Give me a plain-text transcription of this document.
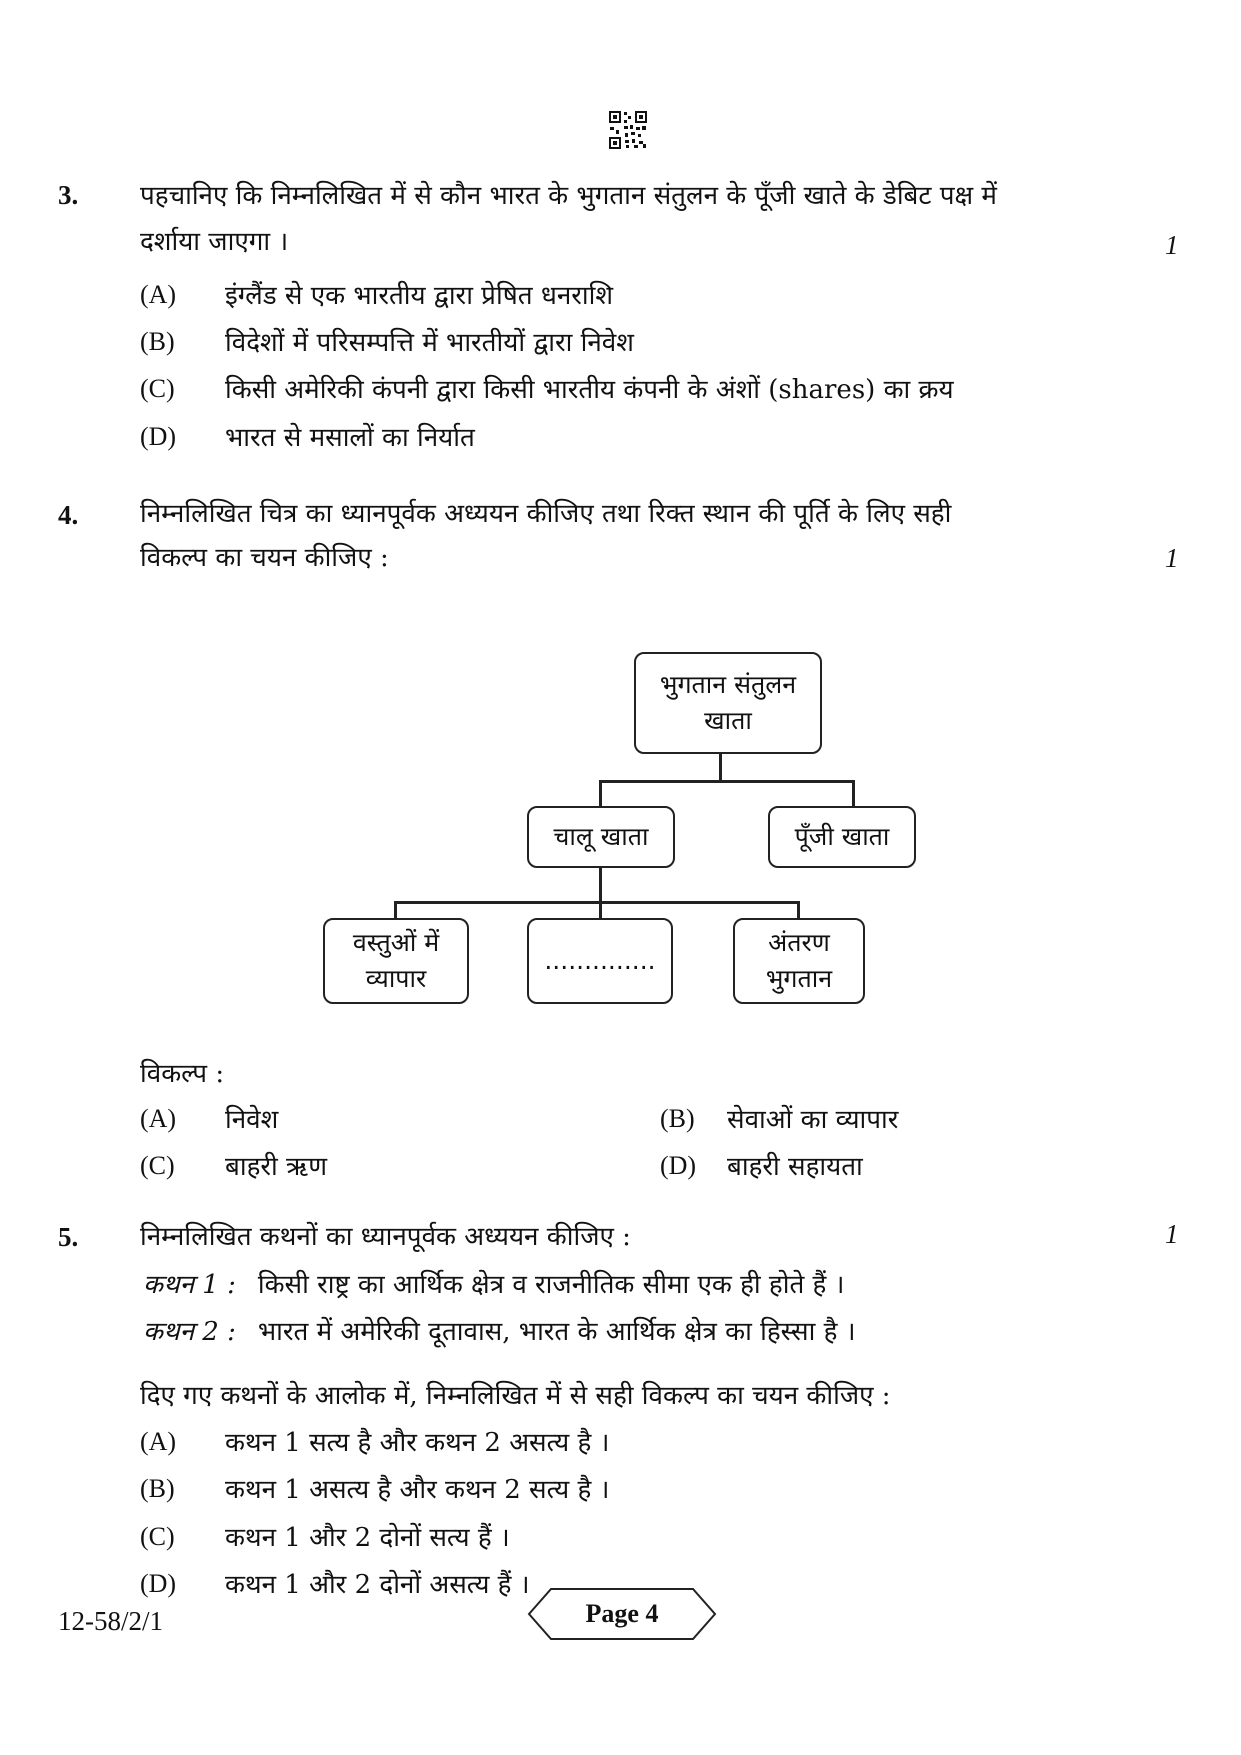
3. पहचानिए कि निम्नलिखित में से कौन भारत के भुगतान संतुलन के पूँजी खाते के डेबिट पक्ष में
दर्शाया जाएगा ।	1
(A) इंग्लैंड से एक भारतीय द्वारा प्रेषित धनराशि
(B) विदेशों में परिसम्पत्ति में भारतीयों द्वारा निवेश
(C) किसी अमेरिकी कंपनी द्वारा किसी भारतीय कंपनी के अंशों (shares) का क्रय
(D) भारत से मसालों का निर्यात
4. निम्नलिखित चित्र का ध्यानपूर्वक अध्ययन कीजिए तथा रिक्त स्थान की पूर्ति के लिए सही
विकल्प का चयन कीजिए :	1
भुगतान संतुलन
खाता
चालू खाता	पूँजी खाता
वस्तुओं में
व्यापार
..............
अंतरण
भुगतान
विकल्प :
(A) निवेश	(B) सेवाओं का व्यापार
(C) बाहरी ऋण	(D) बाहरी सहायता
5. निम्नलिखित कथनों का ध्यानपूर्वक अध्ययन कीजिए :	1
कथन 1 : किसी राष्ट्र का आर्थिक क्षेत्र व राजनीतिक सीमा एक ही होते हैं ।
कथन 2 : भारत में अमेरिकी दूतावास, भारत के आर्थिक क्षेत्र का हिस्सा है ।
दिए गए कथनों के आलोक में, निम्नलिखित में से सही विकल्प का चयन कीजिए :
(A) कथन 1 सत्य है और कथन 2 असत्य है ।
(B) कथन 1 असत्य है और कथन 2 सत्य है ।
(C) कथन 1 और 2 दोनों सत्य हैं ।
(D) कथन 1 और 2 दोनों असत्य हैं ।
12-58/2/1	Page 4
